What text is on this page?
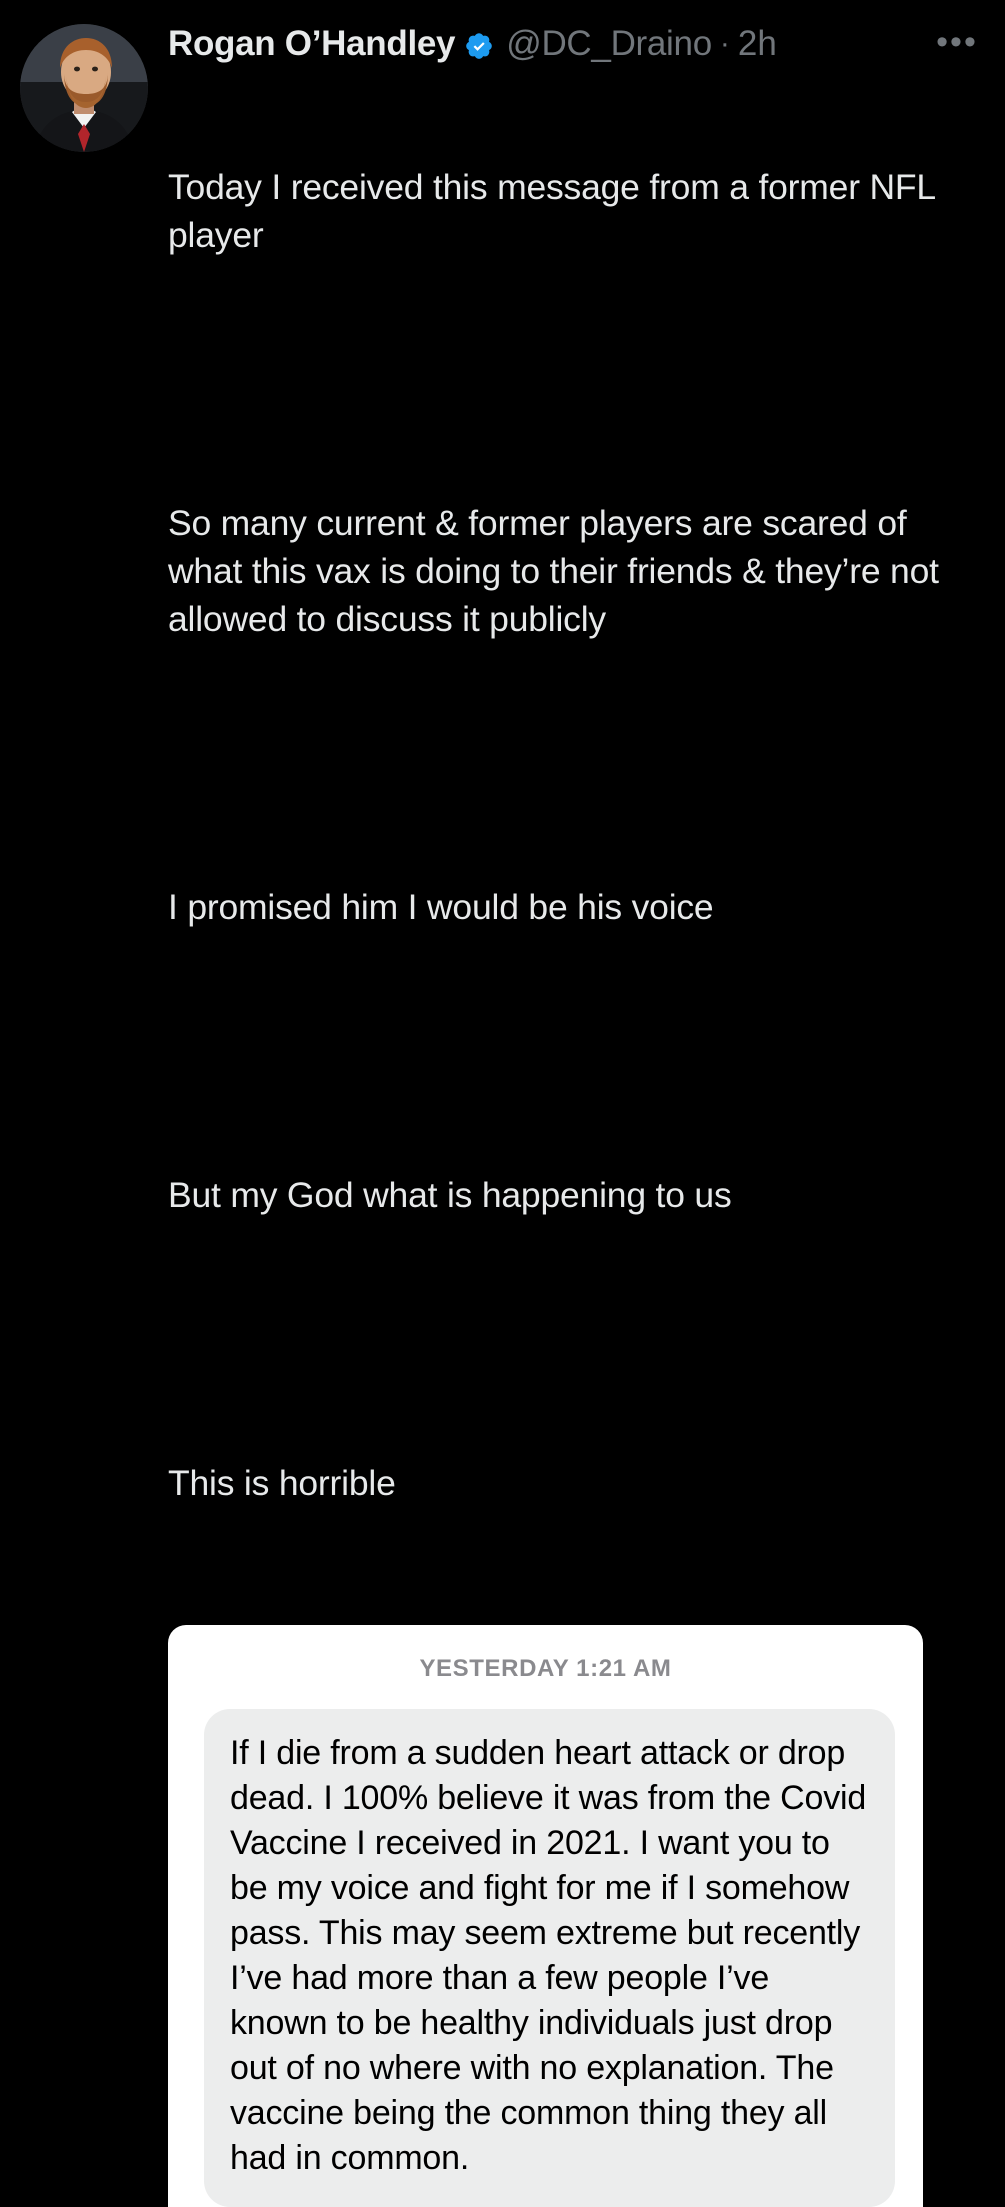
Rogan O’Handley @DC_Draino · 2h	•••

Today I received this message from a former NFL player

So many current & former players are scared of what this vax is doing to their friends & they’re not allowed to discuss it publicly

I promised him I would be his voice

But my God what is happening to us

This is horrible

YESTERDAY 1:21 AM
If I die from a sudden heart attack or drop dead. I 100% believe it was from the Covid Vaccine I received in 2021. I want you to be my voice and fight for me if I somehow pass. This may seem extreme but recently I’ve had more than a few people I’ve known to be healthy individuals just drop out of no where with no explanation. The vaccine being the common thing they all had in common.
